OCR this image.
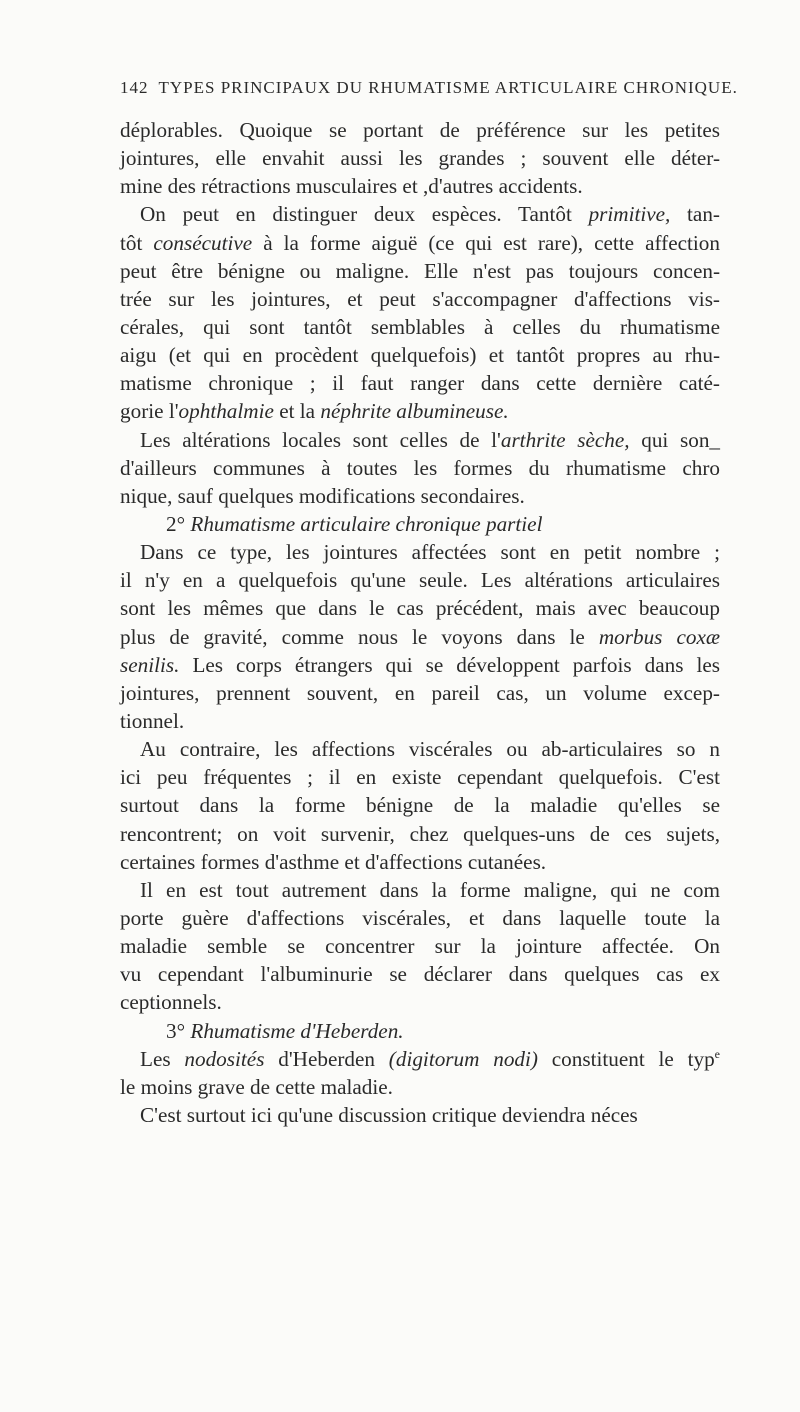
142 TYPES PRINCIPAUX DU RHUMATISME ARTICULAIRE CHRONIQUE.
déplorables. Quoique se portant de préférence sur les petites
jointures, elle envahit aussi les grandes ; souvent elle déter-
mine des rétractions musculaires et ,d'autres accidents.
On peut en distinguer deux espèces. Tantôt primitive, tan-
tôt consécutive à la forme aiguë (ce qui est rare), cette affection
peut être bénigne ou maligne. Elle n'est pas toujours concen-
trée sur les jointures, et peut s'accompagner d'affections vis-
cérales, qui sont tantôt semblables à celles du rhumatisme
aigu (et qui en procèdent quelquefois) et tantôt propres au rhu-
matisme chronique ; il faut ranger dans cette dernière caté-
gorie l'ophthalmie et la néphrite albumineuse.
Les altérations locales sont celles de l'arthrite sèche, qui son_
d'ailleurs communes à toutes les formes du rhumatisme chro
nique, sauf quelques modifications secondaires.
2° Rhumatisme articulaire chronique partiel
Dans ce type, les jointures affectées sont en petit nombre ;
il n'y en a quelquefois qu'une seule. Les altérations articulaires
sont les mêmes que dans le cas précédent, mais avec beaucoup
plus de gravité, comme nous le voyons dans le morbus coxæ
senilis. Les corps étrangers qui se développent parfois dans les
jointures, prennent souvent, en pareil cas, un volume excep-
tionnel.
Au contraire, les affections viscérales ou ab-articulaires so n
ici peu fréquentes ; il en existe cependant quelquefois. C'est
surtout dans la forme bénigne de la maladie qu'elles se
rencontrent; on voit survenir, chez quelques-uns de ces sujets,
certaines formes d'asthme et d'affections cutanées.
Il en est tout autrement dans la forme maligne, qui ne com
porte guère d'affections viscérales, et dans laquelle toute la
maladie semble se concentrer sur la jointure affectée. On
vu cependant l'albuminurie se déclarer dans quelques cas ex
ceptionnels.
3° Rhumatisme d'Heberden.
Les nodosités d'Heberden (digitorum nodi) constituent le typ$^e$
le moins grave de cette maladie.
C'est surtout ici qu'une discussion critique deviendra néces
